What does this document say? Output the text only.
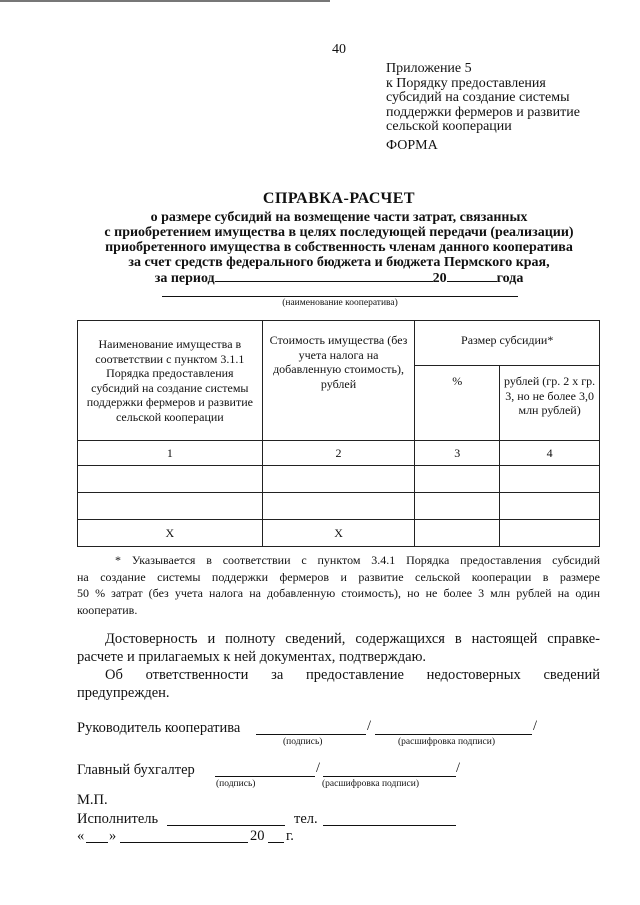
40
Приложение 5
к Порядку предоставления
субсидий на создание системы
поддержки фермеров и развитие
сельской кооперации
ФОРМА
СПРАВКА-РАСЧЕТ
о размере субсидий на возмещение части затрат, связанных
с приобретением имущества в целях последующей передачи (реализации)
приобретенного имущества в собственность членам данного кооператива
за счет средств федерального бюджета и бюджета Пермского края,
за период	20	года
(наименование кооператива)
Наименование имущества в соответствии с пунктом 3.1.1 Порядка предоставления субсидий на создание системы поддержки фермеров и развитие сельской кооперации	Стоимость имущества (без учета налога на добавленную стоимость), рублей	Размер субсидии*	
		%	рублей (гр. 2 х гр. 3, но не более 3,0 млн рублей)
1	2	3	4

Х	Х		
* Указывается в соответствии с пунктом 3.4.1 Порядка предоставления субсидий
на создание системы поддержки фермеров и развитие сельской кооперации в размере
50 % затрат (без учета налога на добавленную стоимость), но не более 3 млн рублей на один
кооператив.
Достоверность и полноту сведений, содержащихся в настоящей справке-
расчете и прилагаемых к ней документах, подтверждаю.
Об ответственности за предоставление недостоверных сведений
предупрежден.
Руководитель кооператива	/	/
(подпись)	(расшифровка подписи)
Главный бухгалтер	/	/
(подпись)	(расшифровка подписи)
М.П.
Исполнитель	тел.
« »	20 г.
